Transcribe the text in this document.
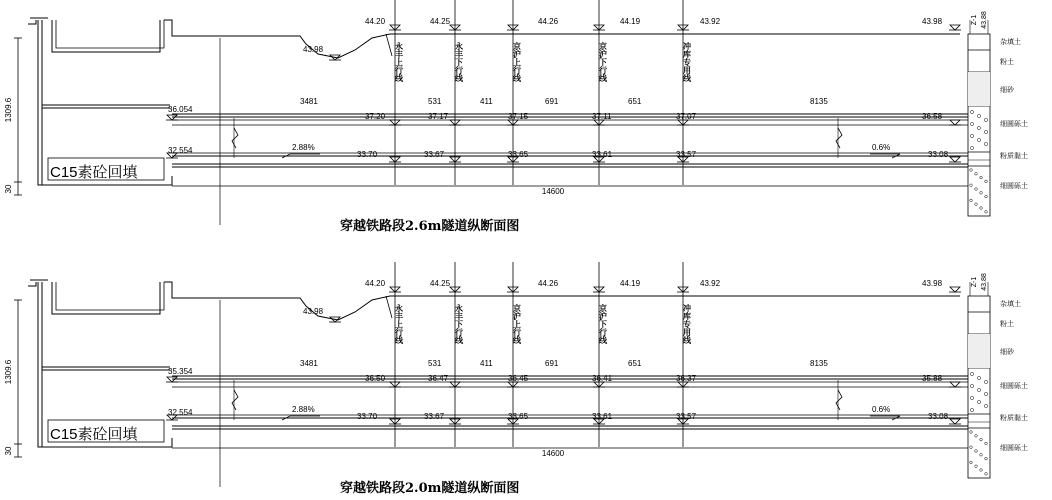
C15素砼回填
1309.6
30
43.98
36.054
32.554
44.20
37.20
33.70
44.25
37.17
33.67
44.26
37.15
33.65
44.19
37.11
33.61
43.92
37.07
33.57
43.98
36.58
33.08
永丰上行线	永丰下行线	京沪上行线	京沪下行线	冲库专用线
3481	531	411	691	651	8135
2.88%	0.6%
14600
Z-1 43.88
杂填土
粉土
细砂
细圆砾土
粉质黏土
细圆砾土
穿越铁路段2.6m隧道纵断面图
C15素砼回填
1309.6
30
43.98
35.354
32.554
44.20
36.50
33.70
44.25
36.47
33.67
44.26
36.45
33.65
44.19
36.41
33.61
43.92
36.37
33.57
43.98
35.88
33.08
永丰上行线	永丰下行线	京沪上行线	京沪下行线	冲库专用线
3481	531	411	691	651	8135
2.88%	0.6%
14600
Z-1 43.88
杂填土
粉土
细砂
细圆砾土
粉质黏土
细圆砾土
穿越铁路段2.0m隧道纵断面图
